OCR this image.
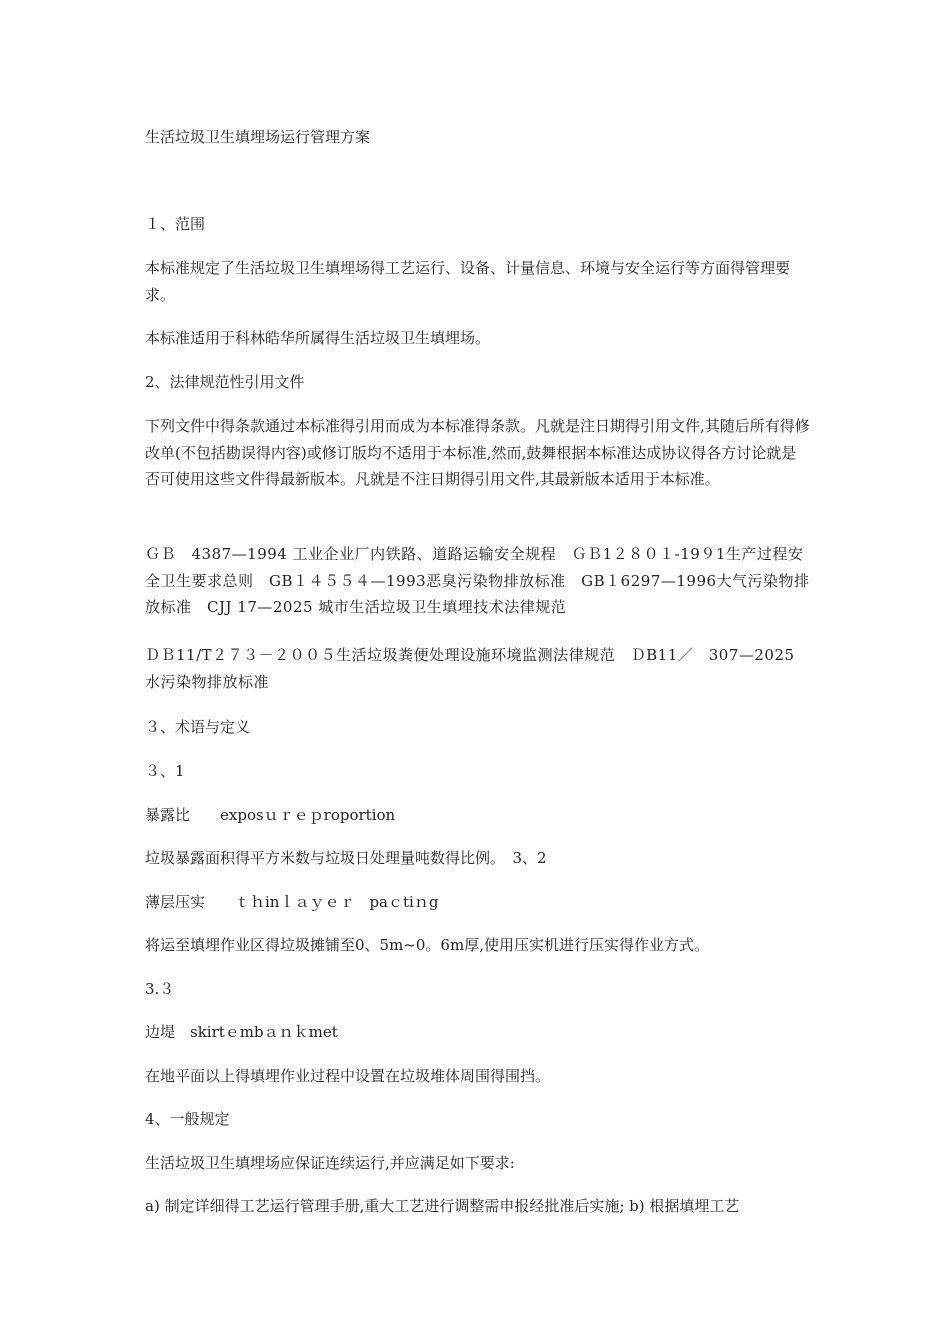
生活垃圾卫生填埋场运行管理方案
１、范围
本标准规定了生活垃圾卫生填埋场得工艺运行、设备、计量信息、环境与安全运行等方面得管理要求。
本标准适用于科林皓华所属得生活垃圾卫生填埋场。
2、法律规范性引用文件
下列文件中得条款通过本标准得引用而成为本标准得条款。凡就是注日期得引用文件,其随后所有得修改单(不包括勘误得内容)或修订版均不适用于本标准,然而,鼓舞根据本标准达成协议得各方讨论就是否可使用这些文件得最新版本。凡就是不注日期得引用文件,其最新版本适用于本标准。
ＧＢ　4387—1994 工业企业厂内铁路、道路运输安全规程　ＧＢ1２８０１-19９1生产过程安全卫生要求总则　GB１４５５４—1993恶臭污染物排放标准　GB１6297—1996大气污染物排放标准　CJJ 17—2025 城市生活垃圾卫生填埋技术法律规范
ＤＢ11/T２７３－２００５生活垃圾粪便处理设施环境监测法律规范　ＤB11／　307—2025 水污染物排放标准
３、术语与定义
３、1
暴露比　　exposｕｒｅｐroportion
垃圾暴露面积得平方米数与垃圾日处理量吨数得比例。　3、2
薄层压实　　ｔｈinｌａｙｅｒ　paｃtiｎg
将运至填埋作业区得垃圾摊铺至0、5m~0。6m厚,使用压实机进行压实得作业方式。
3.３
边堤　skirtｅmbａｎｋmet
在地平面以上得填埋作业过程中设置在垃圾堆体周围得围挡。
4、一般规定
生活垃圾卫生填埋场应保证连续运行,并应满足如下要求:
a) 制定详细得工艺运行管理手册,重大工艺进行调整需申报经批准后实施; b) 根据填埋工艺
